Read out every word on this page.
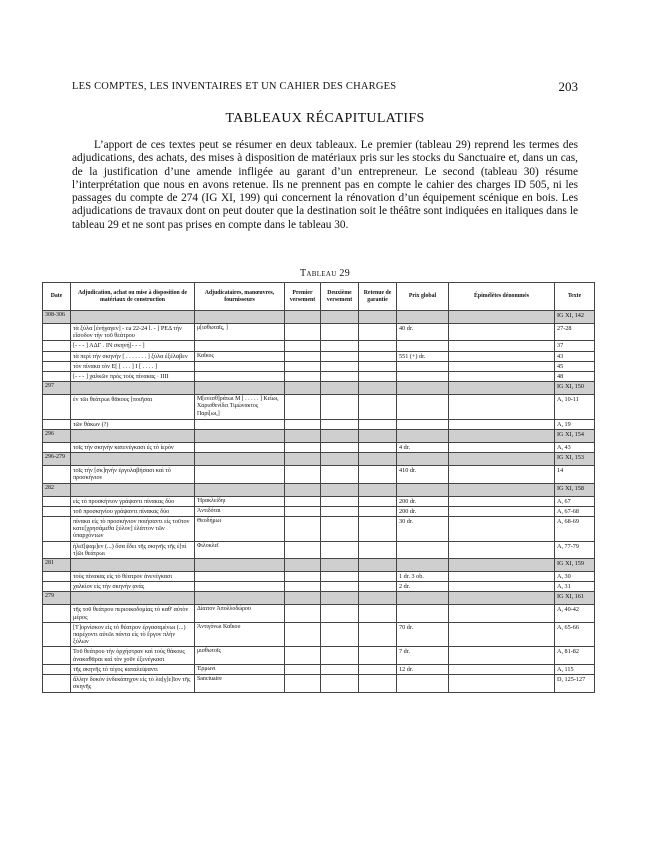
LES COMPTES, LES INVENTAIRES ET UN CAHIER DES CHARGES	203
TABLEAUX RÉCAPITULATIFS

L’apport de ces textes peut se résumer en deux tableaux. Le premier (tableau 29) reprend les termes des adjudications, des achats, des mises à disposition de matériaux pris sur les stocks du Sanctuaire et, dans un cas, de la justification d’une amende infligée au garant d’un entrepreneur. Le second (tableau 30) résume l’interprétation que nous en avons retenue. Ils ne prennent pas en compte le cahier des charges ID 505, ni les passages du compte de 274 (IG XI, 199) qui concernent la rénovation d’un équipement scénique en bois. Les adjudications de travaux dont on peut douter que la destination soit le théâtre sont indiquées en italiques dans le tableau 29 et ne sont pas prises en compte dans le tableau 30.

Tableau 29
Date	Adjudication, achat ou mise à disposition de matériaux de construction	Adjudicataires, manœuvres, fournisseurs	Premier versement	Deuxième versement	Retenue de garantie	Prix global	Épimélètes dénommés	Texte
308-306								IG XI, 142
	τὰ ξύλα [ἐνήγαγεν] - ca 22-24 l. - ] ΡΕΔ τὴν εἴσοδον τὴν τοῦ θεάτρου	μ[ισθωταῖς, ]				40 dr.		27-28
	[- - - ] ΑΔΓ . ΙΝ σκηνή[- - - ]							37
	τὰ περὶ τὴν σκηνὴν [ . . . . . . . ] ξύλα ἐξέλαβεν	Καΐκος				551 (+) dr.		43
	τὸν πίνακα τὸν Ε[ [ . . . ] Ι [ . . . . ]							45
	[- - - ] χαλκῶν πρὸς τοὺς πίνακας · ΙΙΙΙ							48
297								IG XI, 150
	ἐν τῶι θεάτρωι θᾶκους [ποιῆσαι	Μ[ενεσθ]ράτωι Μ [ . . . . . ] Κείωι, Χαρισθενίδει Τιμώνακτος Παρί[ωι,]						A, 10-11
	τῶν θάκων (?)							A, 19
296								IG XI, 154
	τοῖς τὴν σκηνὴν κατενέγκασι ἐς τὸ ἱερὸν					4 dr.		A, 43
296-279								IG XI, 153
	τοῖς τὴν [σκ]ηνὴν ἐργολαβήσασι καὶ τὸ προσκήνιον					410 dr.		14
282								IG XI, 158
	εἰς τὸ προσκήνιον γράψαντι πίνακας δύο	Ἡρακλείδηι				200 dr.		A, 67
	τοῦ προσκηνίου γράψαντι πίνακας δύο	Ἀντιδόται				200 dr.		A, 67-68
	πίνακα εἰς τὸ προσκήνιον ποιήσαντι εἰς τοῦτον κατε[χρησάμεθα ξύλον] ἐλάττον τῶν ὑπαρχόντων	Θεοδήμωι				30 dr.		A, 68-69
	ἠλεῖ[ψαμ]εν (...) ὅσα ἔδει τῆς σκηνῆς τῆς ἐ[πὶ τ]ῶι θεάτρωι	Φιλοκλεῖ						A, 77-79
281								IG XI, 159
	τοὺς πίνακας εἰς τὸ θέατρον ἀνενέγκασι					1 dr. 3 ob.		A, 30
	χαλκίον εἰς τὴν σκηνὴν ᾳνάς					2 dr.		A, 31
279								IG XI, 161
	τῆς τοῦ θεάτρου περιοικοδομίας τὸ καθ' αὑτὸν μέρος	Δίαιτον Ἀπολλοδώρου						A, 40-42
	[Τ]ορνίσκον εἰς τὸ θέατρον ἐργασαμένωι (...) παρέχοντι αὐτῶι πάντα εἰς τὸ ἔργον πλὴν ξύλων	Ἀντιγόνωι Καΐκου				70 dr.		A, 65-66
	Τοῦ θεάτρου τὴν ὀρχήστραν καὶ τοὺς θάκους ἀνακαθᾶραι καὶ τὸν χοῦν ἐξενέγκασι	μισθωτοῖς				7 dr.		A, 81-82
	τῆς σκηνῆς τὸ τέγος καταλείψαντι	Ἑρμωνι				12 dr.		A, 115
	ἄλλην δοκὸν ἑνδεκάπηχυν εἰς τὸ λα[γ]ε]ῖον τῆς σκηνῆς	Sanctuaire						D, 125-127
